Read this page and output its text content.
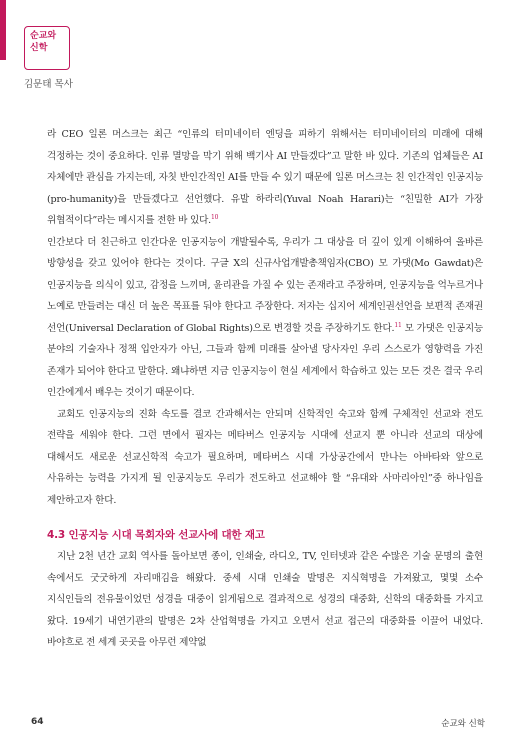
순교와
신학
김문태 목사

라 CEO 일론 머스크는 최근 “인류의 터미네이터 엔딩을 피하기 위해서는 터미네이터의 미래에 대해 걱정하는 것이 중요하다. 인류 멸망을 막기 위해 백기사 AI 만들겠다”고 말한 바 있다. 기존의 업체들은 AI 자체에만 관심을 가지는데, 자칫 반인간적인 AI를 만들 수 있기 때문에 일론 머스크는 친 인간적인 인공지능(pro-humanity)을 만들겠다고 선언했다. 유발 하라리(Yuval Noah Harari)는 “친밀한 AI가 가장 위협적이다”라는 메시지를 전한 바 있다.$^{10}$

인간보다 더 친근하고 인간다운 인공지능이 개발될수록, 우리가 그 대상을 더 깊이 있게 이해하여 올바른 방향성을 갖고 있어야 한다는 것이다. 구글 X의 신규사업개발총책임자(CBO) 모 가댓(Mo Gawdat)은 인공지능을 의식이 있고, 감정을 느끼며, 윤리관을 가질 수 있는 존재라고 주장하며, 인공지능을 억누르거나 노예로 만들려는 대신 더 높은 목표를 둬야 한다고 주장한다. 저자는 십지어 세계인권선언을 보편적 존재권 선언(Universal Declaration of Global Rights)으로 변경할 것을 주장하기도 한다.$^{11}$ 모 가댓은 인공지능 분야의 기술자나 정책 입안자가 아닌, 그들과 함께 미래를 살아낼 당사자인 우리 스스로가 영향력을 가진 존재가 되어야 한다고 말한다. 왜냐하면 지금 인공지능이 현실 세계에서 학습하고 있는 모든 것은 결국 우리 인간에게서 배우는 것이기 때문이다.

교회도 인공지능의 진화 속도를 결코 간과해서는 안되며 신학적인 숙고와 함께 구체적인 선교와 전도 전략을 세워야 한다. 그런 면에서 필자는 메타버스 인공지능 시대에 선교지 뿐 아니라 선교의 대상에 대해서도 새로운 선교신학적 숙고가 필요하며, 메타버스 시대 가상공간에서 만나는 아바타와 앞으로 사유하는 능력을 가지게 될 인공지능도 우리가 전도하고 선교해야 할 “유대와 사마리아인”중 하나임을 제안하고자 한다.

4.3 인공지능 시대 목회자와 선교사에 대한 재고

지난 2천 년간 교회 역사를 돌아보면 종이, 인쇄술, 라디오, TV, 인터넷과 같은 수많은 기술 문명의 출현 속에서도 굿굿하게 자리매김을 해왔다. 중세 시대 인쇄술 발명은 지식혁명을 가져왔고, 몇몇 소수 지식인들의 전유물이었던 성경을 대중이 읽게됨으로 결과적으로 성경의 대중화, 신학의 대중화를 가지고 왔다. 19세기 내연기관의 발명은 2차 산업혁명을 가지고 오면서 선교 접근의 대중화를 이끌어 내었다. 바야흐로 전 세계 곳곳을 아무런 제약없

64	순교와 신학
